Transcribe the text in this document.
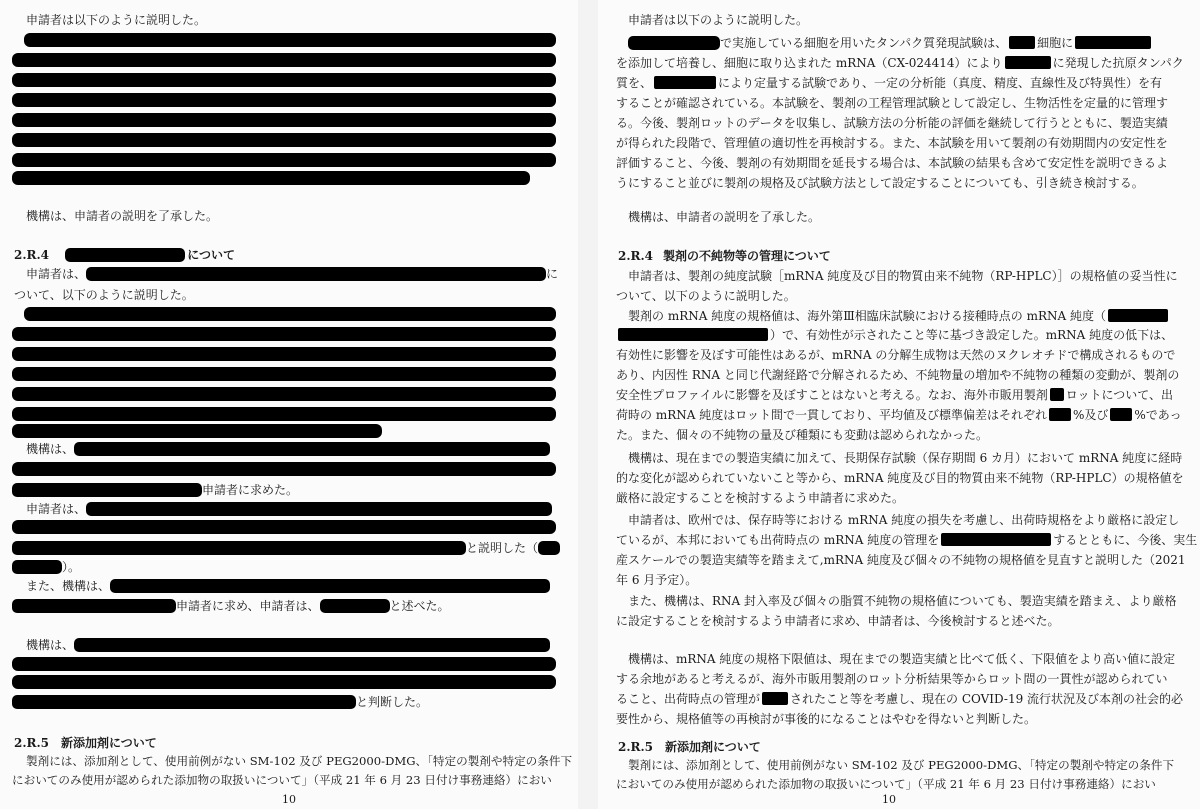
申請者は以下のように説明した。
機構は、申請者の説明を了承した。
2.R.4	について
申請者は、	に
ついて、以下のように説明した。
機構は、
申請者に求めた。
申請者は、
と説明した（
）。
また、機構は、
申請者に求め、申請者は、	と述べた。
機構は、
と判断した。
2.R.5 新添加剤について
製剤には、添加剤として、使用前例がない SM-102 及び PEG2000-DMG、「特定の製剤や特定の条件下
においてのみ使用が認められた添加物の取扱いについて」（平成 21 年 6 月 23 日付け事務連絡）におい
10
申請者は以下のように説明した。
で実施している細胞を用いたタンパク質発現試験は、	細胞に
を添加して培養し、細胞に取り込まれた mRNA（CX-024414）により	に発現した抗原タンパク
質を、	により定量する試験であり、一定の分析能（真度、精度、直線性及び特異性）を有
することが確認されている。本試験を、製剤の工程管理試験として設定し、生物活性を定量的に管理す
る。今後、製剤ロットのデータを収集し、試験方法の分析能の評価を継続して行うとともに、製造実績
が得られた段階で、管理値の適切性を再検討する。また、本試験を用いて製剤の有効期間内の安定性を
評価すること、今後、製剤の有効期間を延長する場合は、本試験の結果も含めて安定性を説明できるよ
うにすること並びに製剤の規格及び試験方法として設定することについても、引き続き検討する。
機構は、申請者の説明を了承した。
2.R.4 製剤の不純物等の管理について
申請者は、製剤の純度試験［mRNA 純度及び目的物質由来不純物（RP-HPLC）］の規格値の妥当性に
ついて、以下のように説明した。
製剤の mRNA 純度の規格値は、海外第Ⅲ相臨床試験における接種時点の mRNA 純度（
）で、有効性が示されたこと等に基づき設定した。mRNA 純度の低下は、
有効性に影響を及ぼす可能性はあるが、mRNA の分解生成物は天然のヌクレオチドで構成されるもので
あり、内因性 RNA と同じ代謝経路で分解されるため、不純物量の増加や不純物の種類の変動が、製剤の
安全性プロファイルに影響を及ぼすことはないと考える。なお、海外市販用製剤 ロットについて、出
荷時の mRNA 純度はロット間で一貫しており、平均値及び標準偏差はそれぞれ %及び %であっ
た。また、個々の不純物の量及び種類にも変動は認められなかった。
機構は、現在までの製造実績に加えて、長期保存試験（保存期間 6 カ月）において mRNA 純度に経時
的な変化が認められていないこと等から、mRNA 純度及び目的物質由来不純物（RP-HPLC）の規格値を
厳格に設定することを検討するよう申請者に求めた。
申請者は、欧州では、保存時等における mRNA 純度の損失を考慮し、出荷時規格をより厳格に設定し
ているが、本邦においても出荷時点の mRNA 純度の管理を	するとともに、今後、実生
産スケールでの製造実績等を踏まえて,mRNA 純度及び個々の不純物の規格値を見直すと説明した（2021
年 6 月予定）。
また、機構は、RNA 封入率及び個々の脂質不純物の規格値についても、製造実績を踏まえ、より厳格
に設定することを検討するよう申請者に求め、申請者は、今後検討すると述べた。
機構は、mRNA 純度の規格下限値は、現在までの製造実績と比べて低く、下限値をより高い値に設定
する余地があると考えるが、海外市販用製剤のロット分析結果等からロット間の一貫性が認められてい
ること、出荷時点の管理が	されたこと等を考慮し、現在の COVID-19 流行状況及び本剤の社会的必
要性から、規格値等の再検討が事後的になることはやむを得ないと判断した。
2.R.5 新添加剤について
製剤には、添加剤として、使用前例がない SM-102 及び PEG2000-DMG、「特定の製剤や特定の条件下
においてのみ使用が認められた添加物の取扱いについて」（平成 21 年 6 月 23 日付け事務連絡）におい
10
